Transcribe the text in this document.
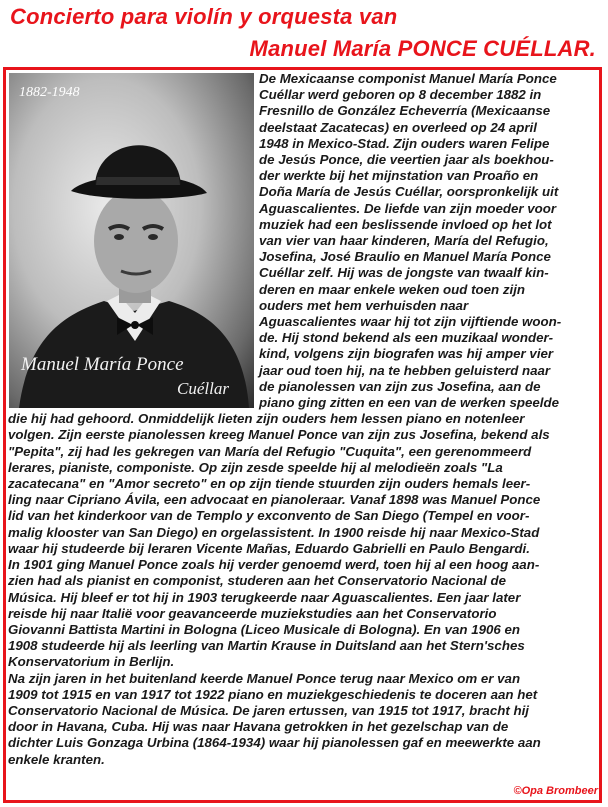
Concierto para violín y orquesta van
Manuel María PONCE CUÉLLAR.
1882-1948
Manuel María Ponce
Cuéllar
De Mexicaanse componist Manuel María Ponce
Cuéllar werd geboren op 8 december 1882 in
Fresnillo de González Echeverría (Mexicaanse
deelstaat Zacatecas) en overleed op 24 april
1948 in Mexico-Stad. Zijn ouders waren Felipe
de Jesús Ponce, die veertien jaar als boekhou-
der werkte bij het mijnstation van Proaño en
Doña María de Jesús Cuéllar, oorspronkelijk uit
Aguascalientes. De liefde van zijn moeder voor
muziek had een beslissende invloed op het lot
van vier van haar kinderen, María del Refugio,
Josefina, José Braulio en Manuel María Ponce
Cuéllar zelf. Hij was de jongste van twaalf kin-
deren en maar enkele weken oud toen zijn
ouders met hem verhuisden naar
Aguascalientes waar hij tot zijn vijftiende woon-
de. Hij stond bekend als een muzikaal wonder-
kind, volgens zijn biografen was hij amper vier
jaar oud toen hij, na te hebben geluisterd naar
de pianolessen van zijn zus Josefina, aan de
piano ging zitten en een van de werken speelde
die hij had gehoord. Onmiddelijk lieten zijn ouders hem lessen piano en notenleer
volgen. Zijn eerste pianolessen kreeg Manuel Ponce van zijn zus Josefina, bekend als
"Pepita", zij had les gekregen van María del Refugio "Cuquita", een gerenommeerd
lerares, pianiste, componiste. Op zijn zesde speelde hij al melodieën zoals "La
zacatecana" en "Amor secreto" en op zijn tiende stuurden zijn ouders hemals leer-
ling naar Cipriano Ávila, een advocaat en pianoleraar. Vanaf 1898 was Manuel Ponce
lid van het kinderkoor van de Templo y exconvento de San Diego (Tempel en voor-
malig klooster van San Diego) en orgelassistent. In 1900 reisde hij naar Mexico-Stad
waar hij studeerde bij leraren Vicente Mañas, Eduardo Gabrielli en Paulo Bengardi.
In 1901 ging Manuel Ponce zoals hij verder genoemd werd, toen hij al een hoog aan-
zien had als pianist en componist, studeren aan het Conservatorio Nacional de
Música. Hij bleef er tot hij in 1903 terugkeerde naar Aguascalientes. Een jaar later
reisde hij naar Italië voor geavanceerde muziekstudies aan het Conservatorio
Giovanni Battista Martini in Bologna (Liceo Musicale di Bologna). En van 1906 en
1908 studeerde hij als leerling van Martin Krause in Duitsland aan het Stern'sches
Konservatorium in Berlijn.
Na zijn jaren in het buitenland keerde Manuel Ponce terug naar Mexico om er van
1909 tot 1915 en van 1917 tot 1922 piano en muziekgeschiedenis te doceren aan het
Conservatorio Nacional de Música. De jaren ertussen, van 1915 tot 1917, bracht hij
door in Havana, Cuba. Hij was naar Havana getrokken in het gezelschap van de
dichter Luis Gonzaga Urbina (1864-1934) waar hij pianolessen gaf en meewerkte aan
enkele kranten.
©Opa Brombeer
